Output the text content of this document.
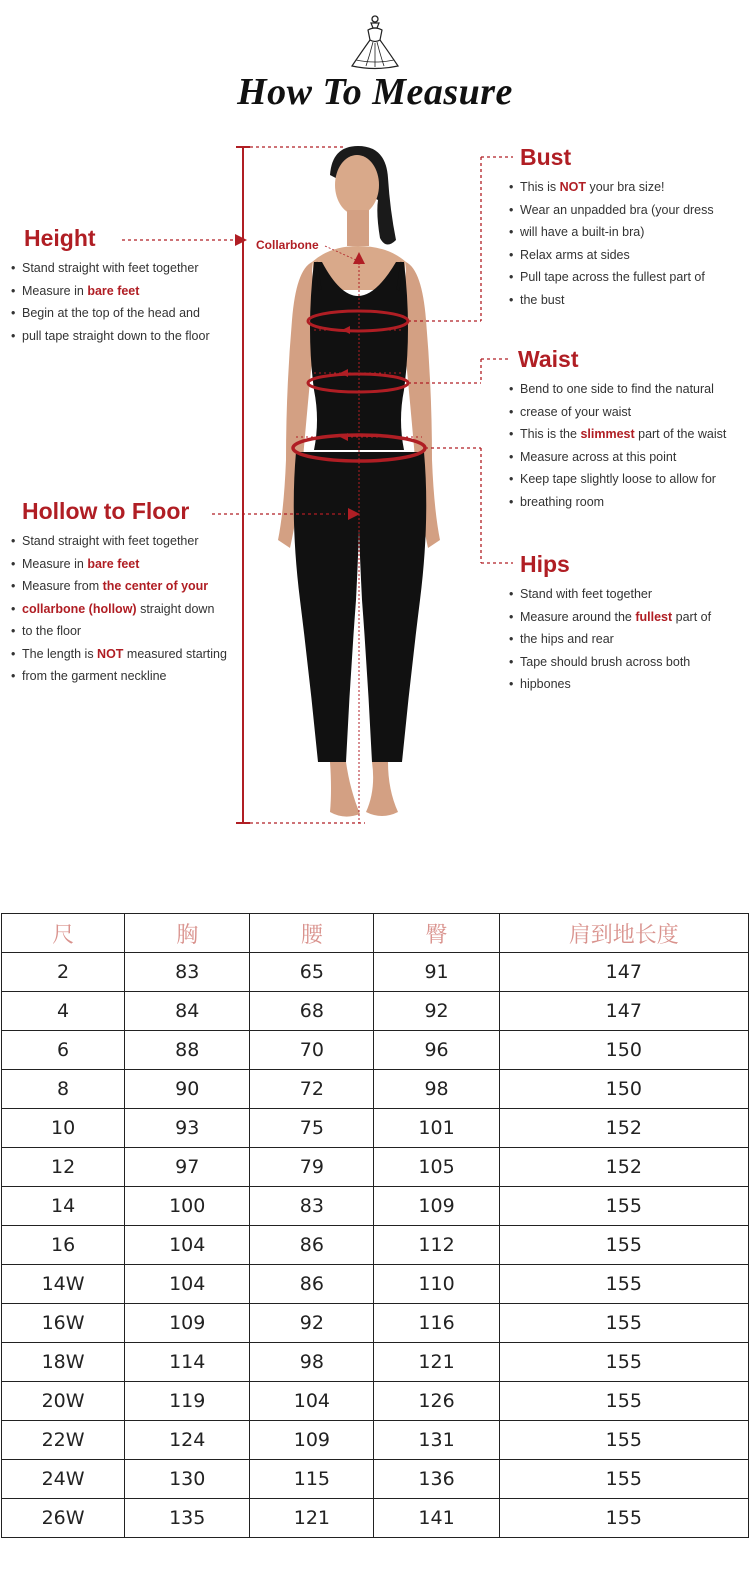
How To Measure
Collarbone
Height
• Stand straight with feet together
• Measure in bare feet
• Begin at the top of the head and
• pull tape straight down to the floor
Hollow to Floor
• Stand straight with feet together
• Measure in bare feet
• Measure from the center of your
• collarbone (hollow) straight down
• to the floor
• The length is NOT measured starting
• from the garment neckline
Bust
• This is NOT your bra size!
• Wear an unpadded bra (your dress
• will have a built-in bra)
• Relax arms at sides
• Pull tape across the fullest part of
• the bust
Waist
• Bend to one side to find the natural
• crease of your waist
• This is the slimmest part of the waist
• Measure across at this point
• Keep tape slightly loose to allow for
• breathing room
Hips
• Stand with feet together
• Measure around the fullest part of
• the hips and rear
• Tape should brush across both
• hipbones
尺	胸	腰	臀	肩到地长度
2	83	65	91	147
4	84	68	92	147
6	88	70	96	150
8	90	72	98	150
10	93	75	101	152
12	97	79	105	152
14	100	83	109	155
16	104	86	112	155
14W	104	86	110	155
16W	109	92	116	155
18W	114	98	121	155
20W	119	104	126	155
22W	124	109	131	155
24W	130	115	136	155
26W	135	121	141	155
